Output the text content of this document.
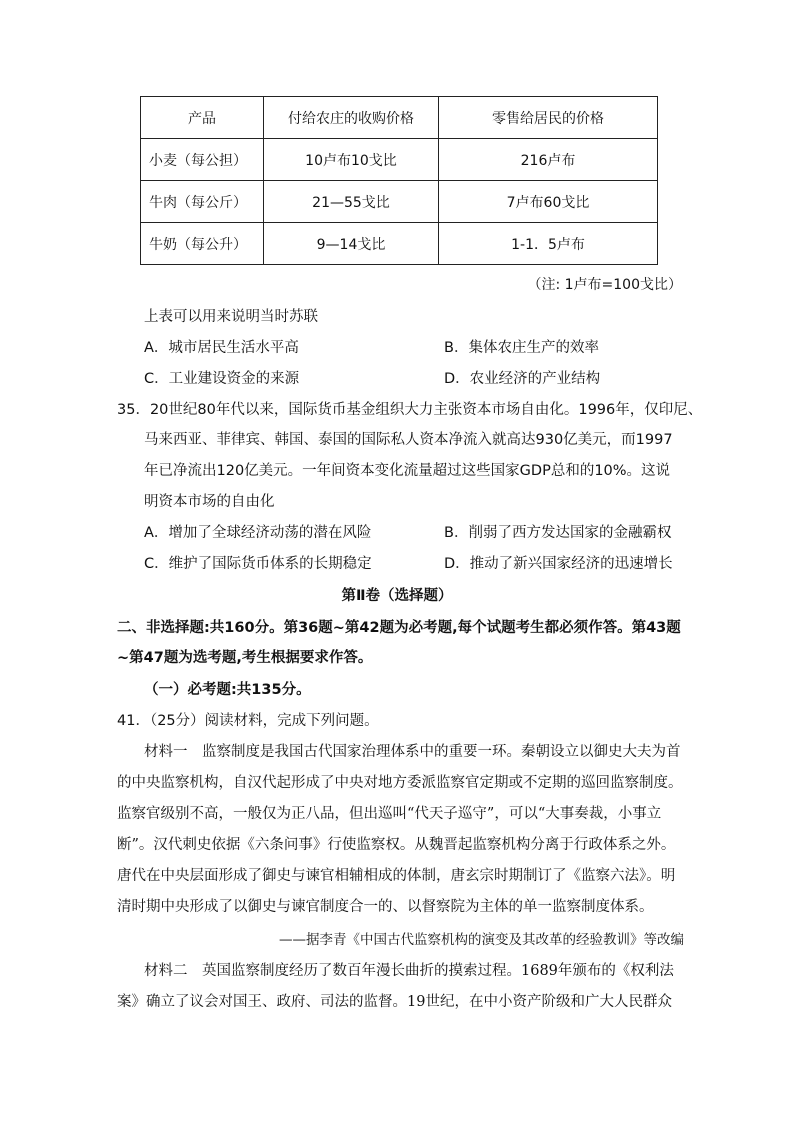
产品	付给农庄的收购价格	零售给居民的价格
小麦（每公担）	10卢布10戈比	216卢布
牛肉（每公斤）	21—55戈比	7卢布60戈比
牛奶（每公升）	9—14戈比	1-1．5卢布
（注: 1卢布=100戈比）
上表可以用来说明当时苏联
A．城市居民生活水平高	B．集体农庄生产的效率
C．工业建设资金的来源	D．农业经济的产业结构
35．20世纪80年代以来，国际货币基金组织大力主张资本市场自由化。1996年，仅印尼、
马来西亚、菲律宾、韩国、泰国的国际私人资本净流入就高达930亿美元，而1997
年已净流出120亿美元。一年间资本变化流量超过这些国家GDP总和的10%。这说
明资本市场的自由化
A．增加了全球经济动荡的潜在风险	B．削弱了西方发达国家的金融霸权
C．维护了国际货币体系的长期稳定	D．推动了新兴国家经济的迅速增长
第Ⅱ卷（选择题）
二、非选择题:共160分。第36题~第42题为必考题,每个试题考生都必须作答。第43题
~第47题为选考题,考生根据要求作答。
（一）必考题:共135分。
41．（25分）阅读材料，完成下列问题。
材料一　监察制度是我国古代国家治理体系中的重要一环。秦朝设立以御史大夫为首
的中央监察机构，自汉代起形成了中央对地方委派监察官定期或不定期的巡回监察制度。
监察官级别不高，一般仅为正八品，但出巡叫“代天子巡守”，可以“大事奏裁，小事立
断”。汉代刺史依据《六条问事》行使监察权。从魏晋起监察机构分离于行政体系之外。
唐代在中央层面形成了御史与谏官相辅相成的体制，唐玄宗时期制订了《监察六法》。明
清时期中央形成了以御史与谏官制度合一的、以督察院为主体的单一监察制度体系。
——据李青《中国古代监察机构的演变及其改革的经验教训》等改编
材料二　英国监察制度经历了数百年漫长曲折的摸索过程。1689年颁布的《权利法
案》确立了议会对国王、政府、司法的监督。19世纪，在中小资产阶级和广大人民群众
